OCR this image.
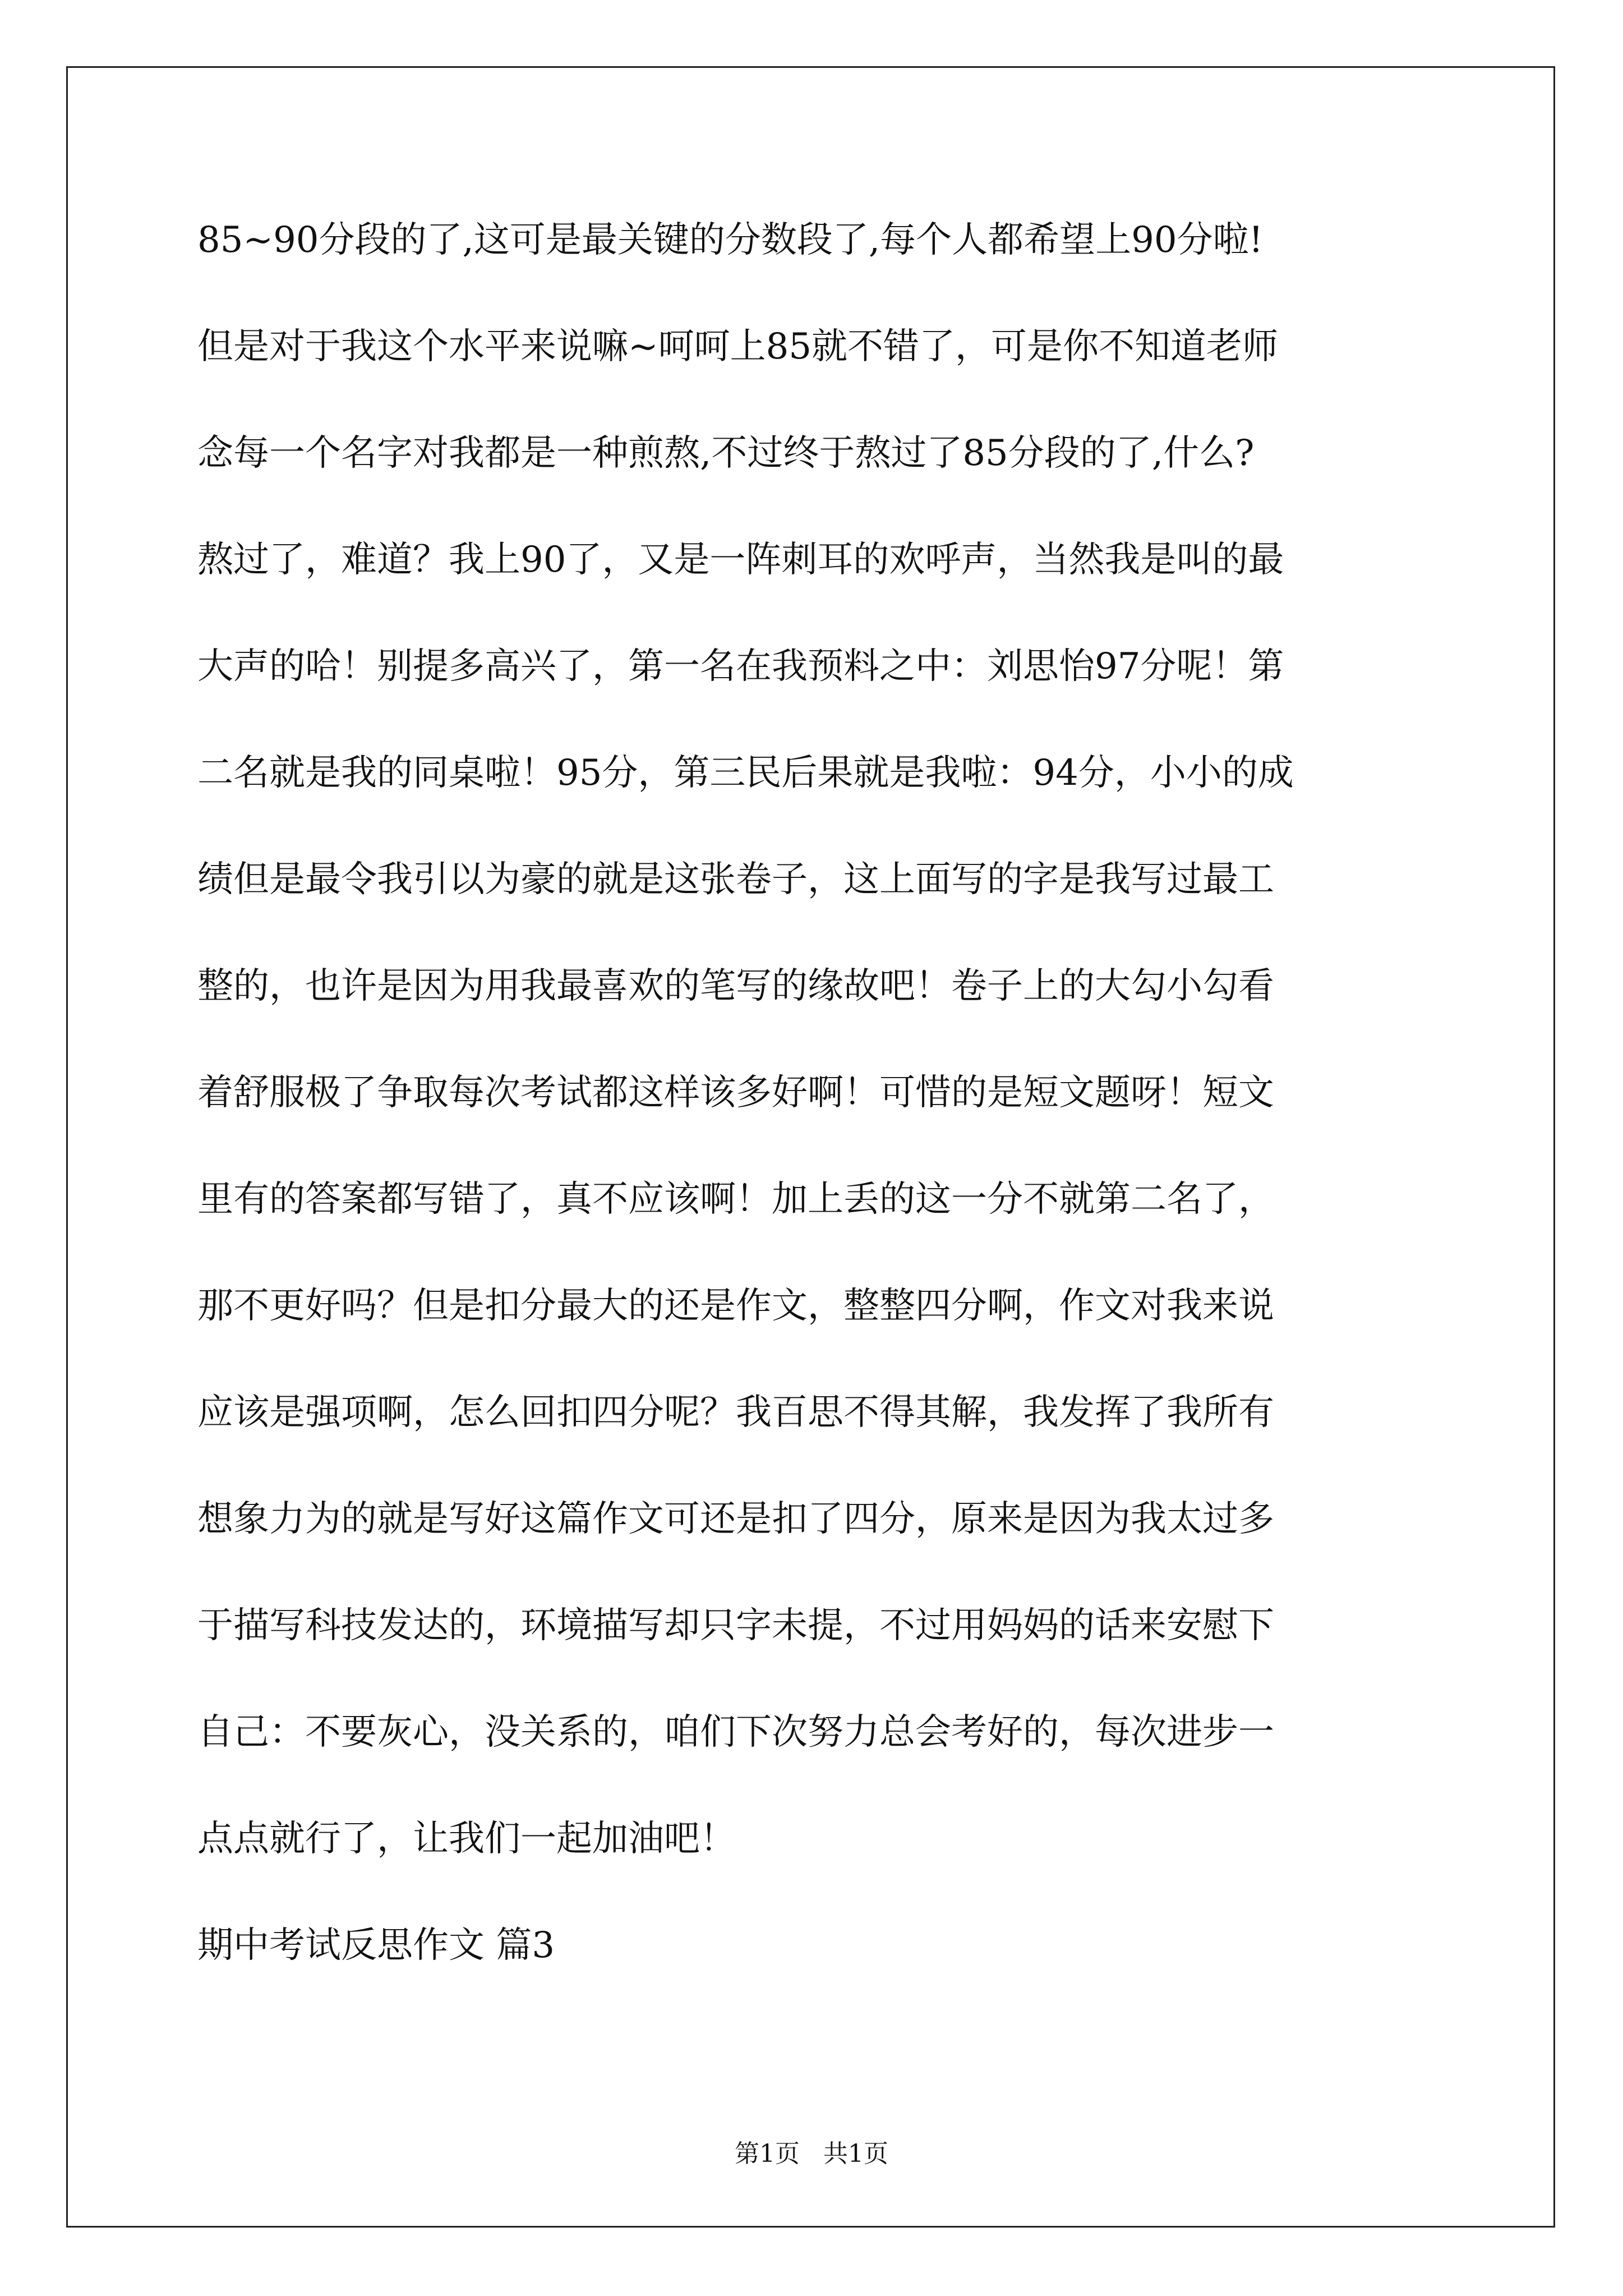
85~90分段的了,这可是最关键的分数段了,每个人都希望上90分啦!
但是对于我这个水平来说嘛~呵呵上85就不错了，可是你不知道老师
念每一个名字对我都是一种煎熬,不过终于熬过了85分段的了,什么?
熬过了，难道？我上90了，又是一阵刺耳的欢呼声，当然我是叫的最
大声的哈！别提多高兴了，第一名在我预料之中：刘思怡97分呢！第
二名就是我的同桌啦！95分，第三民后果就是我啦：94分，小小的成
绩但是最令我引以为豪的就是这张卷子，这上面写的字是我写过最工
整的，也许是因为用我最喜欢的笔写的缘故吧！卷子上的大勾小勾看
着舒服极了争取每次考试都这样该多好啊！可惜的是短文题呀！短文
里有的答案都写错了，真不应该啊！加上丢的这一分不就第二名了，
那不更好吗？但是扣分最大的还是作文，整整四分啊，作文对我来说
应该是强项啊，怎么回扣四分呢？我百思不得其解，我发挥了我所有
想象力为的就是写好这篇作文可还是扣了四分，原来是因为我太过多
于描写科技发达的，环境描写却只字未提，不过用妈妈的话来安慰下
自己：不要灰心，没关系的，咱们下次努力总会考好的，每次进步一
点点就行了，让我们一起加油吧！
期中考试反思作文 篇3
第1页   共1页
